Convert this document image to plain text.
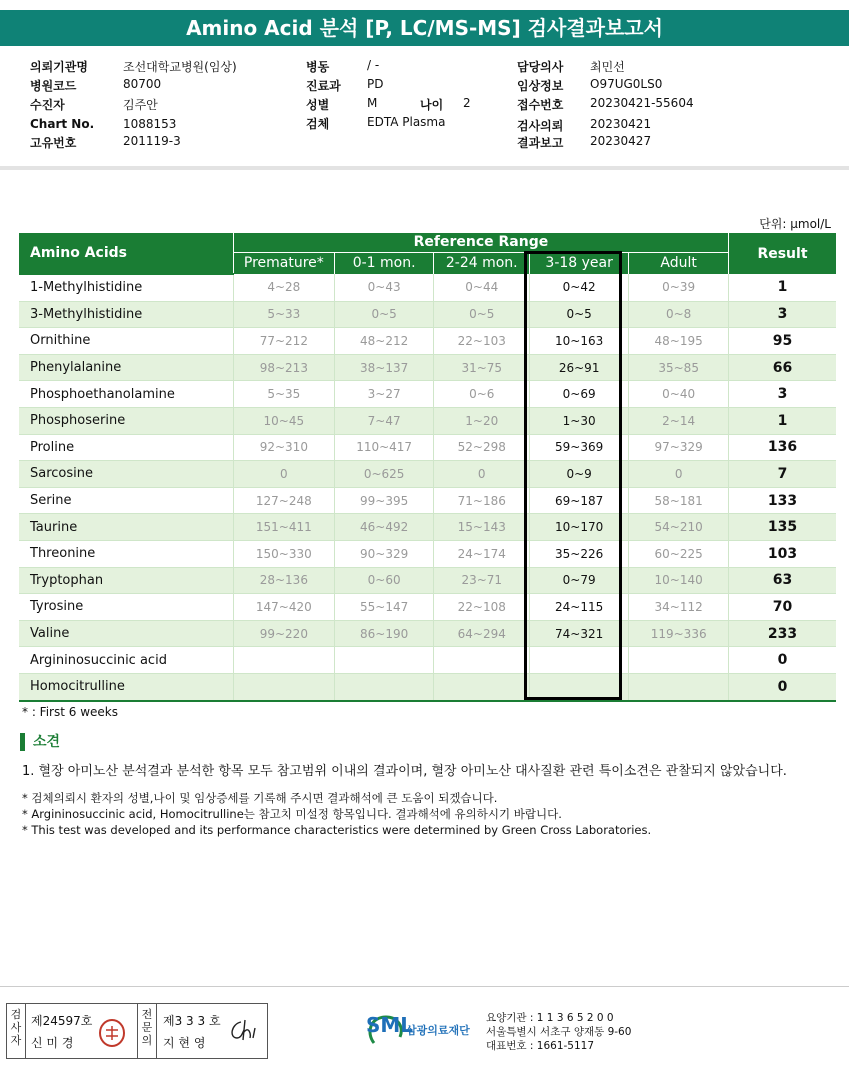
Amino Acid 분석 [P, LC/MS-MS] 검사결과보고서
의뢰기관명	조선대학교병원(임상)
병원코드	80700
수진자	김주안
Chart No. 1088153
고유번호	201119-3
병동	/ -
진료과 PD
성별	M
검체	EDTA Plasma
담당의사 최민선
임상정보 O97UG0LS0
접수번호 20230421-55604
검사의뢰 20230421
결과보고 20230427
나이 2
단위: μmol/L
Amino Acids	Reference Range					Result
	Premature*	0-1 mon.	2-24 mon.	3-18 year	Adult	
1-Methylhistidine	4~28	0~43	0~44	0~42	0~39	1
3-Methylhistidine	5~33	0~5	0~5	0~5	0~8	3
Ornithine	77~212	48~212	22~103	10~163	48~195	95
Phenylalanine	98~213	38~137	31~75	26~91	35~85	66
Phosphoethanolamine	5~35	3~27	0~6	0~69	0~40	3
Phosphoserine	10~45	7~47	1~20	1~30	2~14	1
Proline	92~310	110~417	52~298	59~369	97~329	136
Sarcosine	0	0~625	0	0~9	0	7
Serine	127~248	99~395	71~186	69~187	58~181	133
Taurine	151~411	46~492	15~143	10~170	54~210	135
Threonine	150~330	90~329	24~174	35~226	60~225	103
Tryptophan	28~136	0~60	23~71	0~79	10~140	63
Tyrosine	147~420	55~147	22~108	24~115	34~112	70
Valine	99~220	86~190	64~294	74~321	119~336	233
Argininosuccinic acid						0
Homocitrulline						0
* : First 6 weeks
소견
1. 혈장 아미노산 분석결과 분석한 항목 모두 참고범위 이내의 결과이며, 혈장 아미노산 대사질환 관련 특이소견은 관찰되지 않았습니다.
* 검체의뢰시 환자의 성별,나이 및 임상증세를 기록해 주시면 결과해석에 큰 도움이 되겠습니다.
* Argininosuccinic acid, Homocitrulline는 참고치 미설정 항목입니다. 결과해석에 유의하시기 바랍니다.
* This test was developed and its performance characteristics were determined by Green Cross Laboratories.
검사자
제24597호
신 미 경
전문의
제3 3 3 호
지 현 영
SML
삼광의료재단
요양기관 : 1 1 3 6 5 2 0 0
서울특별시 서초구 양재동 9-60
대표번호 : 1661-5117
